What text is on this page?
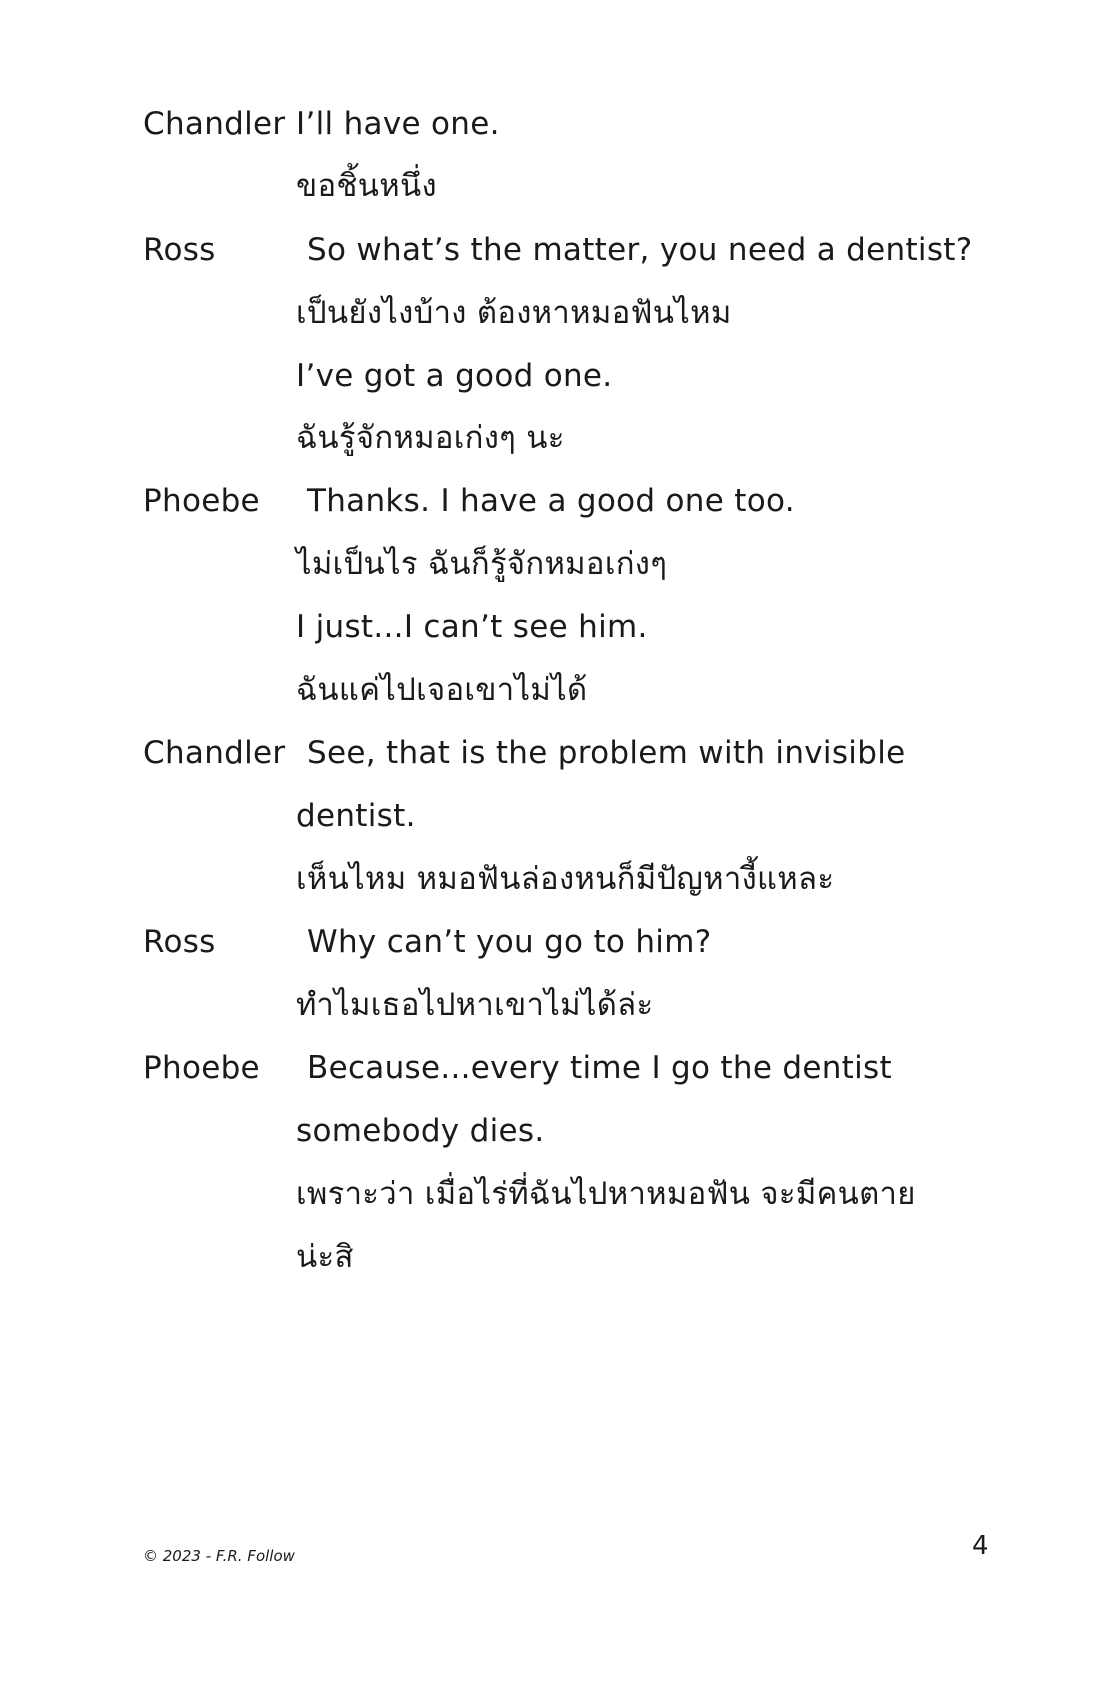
Chandler I’ll have one.
ขอชิ้นหนึ่ง
Ross	So what’s the matter, you need a dentist?
เป็นยังไงบ้าง ต้องหาหมอฟันไหม
I’ve got a good one.
ฉันรู้จักหมอเก่งๆ นะ
Phoebe Thanks. I have a good one too.
ไม่เป็นไร ฉันก็รู้จักหมอเก่งๆ
I just...I can’t see him.
ฉันแค่ไปเจอเขาไม่ได้
Chandler See, that is the problem with invisible
dentist.
เห็นไหม หมอฟันล่องหนก็มีปัญหางี้แหละ
Ross	Why can’t you go to him?
ทำไมเธอไปหาเขาไม่ได้ล่ะ
Phoebe Because...every time I go the dentist
somebody dies.
เพราะว่า เมื่อไร่ที่ฉันไปหาหมอฟัน จะมีคนตาย
น่ะสิ
© 2023 - F.R. Follow	4
